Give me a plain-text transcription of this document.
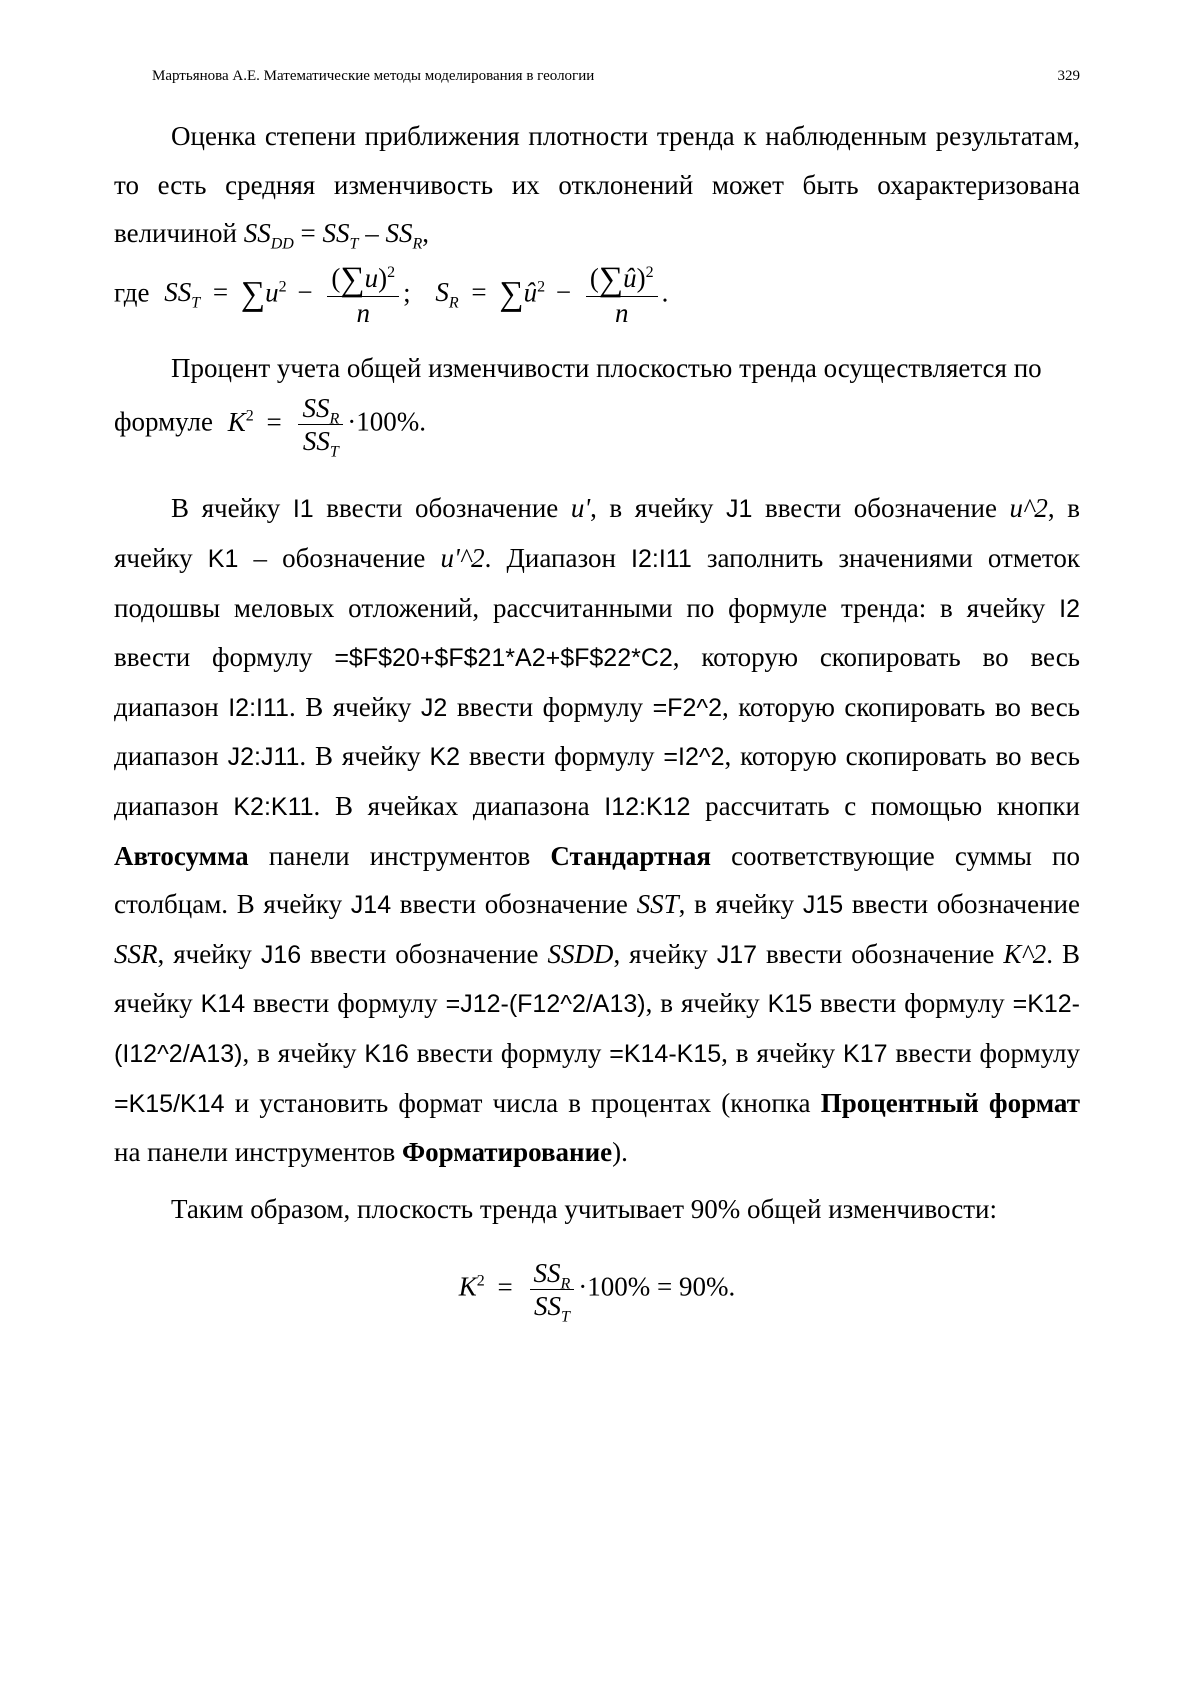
Мартьянова А.Е. Математические методы моделирования в геологии	329

Оценка степени приближения плотности тренда к наблюденным результатам, то есть средняя изменчивость их отклонений может быть охарактеризована величиной $SS_{DD} = SS_T - SS_R$,

где $SS_T = \sum u^2 - \frac{(\sum u)^2}{n}$ ; $S_R$ = $\sum û^2 - \frac{(\sum û)^2}{n}$ .

Процент учета общей изменчивости плоскостью тренда осуществляется по

формуле $K^2 = \frac{SS_R}{SS_T} \cdot 100\%$.

В ячейку I1 ввести обозначение u', в ячейку J1 ввести обозначение u^2, в ячейку K1 – обозначение u'^2. Диапазон I2:I11 заполнить значениями отметок подошвы меловых отложений, рассчитанными по формуле тренда: в ячейку I2 ввести формулу =$F$20+$F$21*A2+$F$22*C2, которую скопировать во весь диапазон I2:I11. В ячейку J2 ввести формулу =F2^2, которую скопировать во весь диапазон J2:J11. В ячейку K2 ввести формулу =I2^2, которую скопировать во весь диапазон K2:K11. В ячейках диапазона I12:K12 рассчитать с помощью кнопки Автосумма панели инструментов Стандартная соответствующие суммы по столбцам. В ячейку J14 ввести обозначение SST, в ячейку J15 ввести обозначение SSR, ячейку J16 ввести обозначение SSDD, ячейку J17 ввести обозначение K^2. В ячейку K14 ввести формулу =J12-(F12^2/A13), в ячейку K15 ввести формулу =K12-(I12^2/A13), в ячейку K16 ввести формулу =K14-K15, в ячейку K17 ввести формулу =K15/K14 и установить формат числа в процентах (кнопка Процентный формат на панели инструментов Форматирование).

Таким образом, плоскость тренда учитывает 90% общей изменчивости:

$K^2 = \frac{SS_R}{SS_T} \cdot 100\% = 90\%$.
